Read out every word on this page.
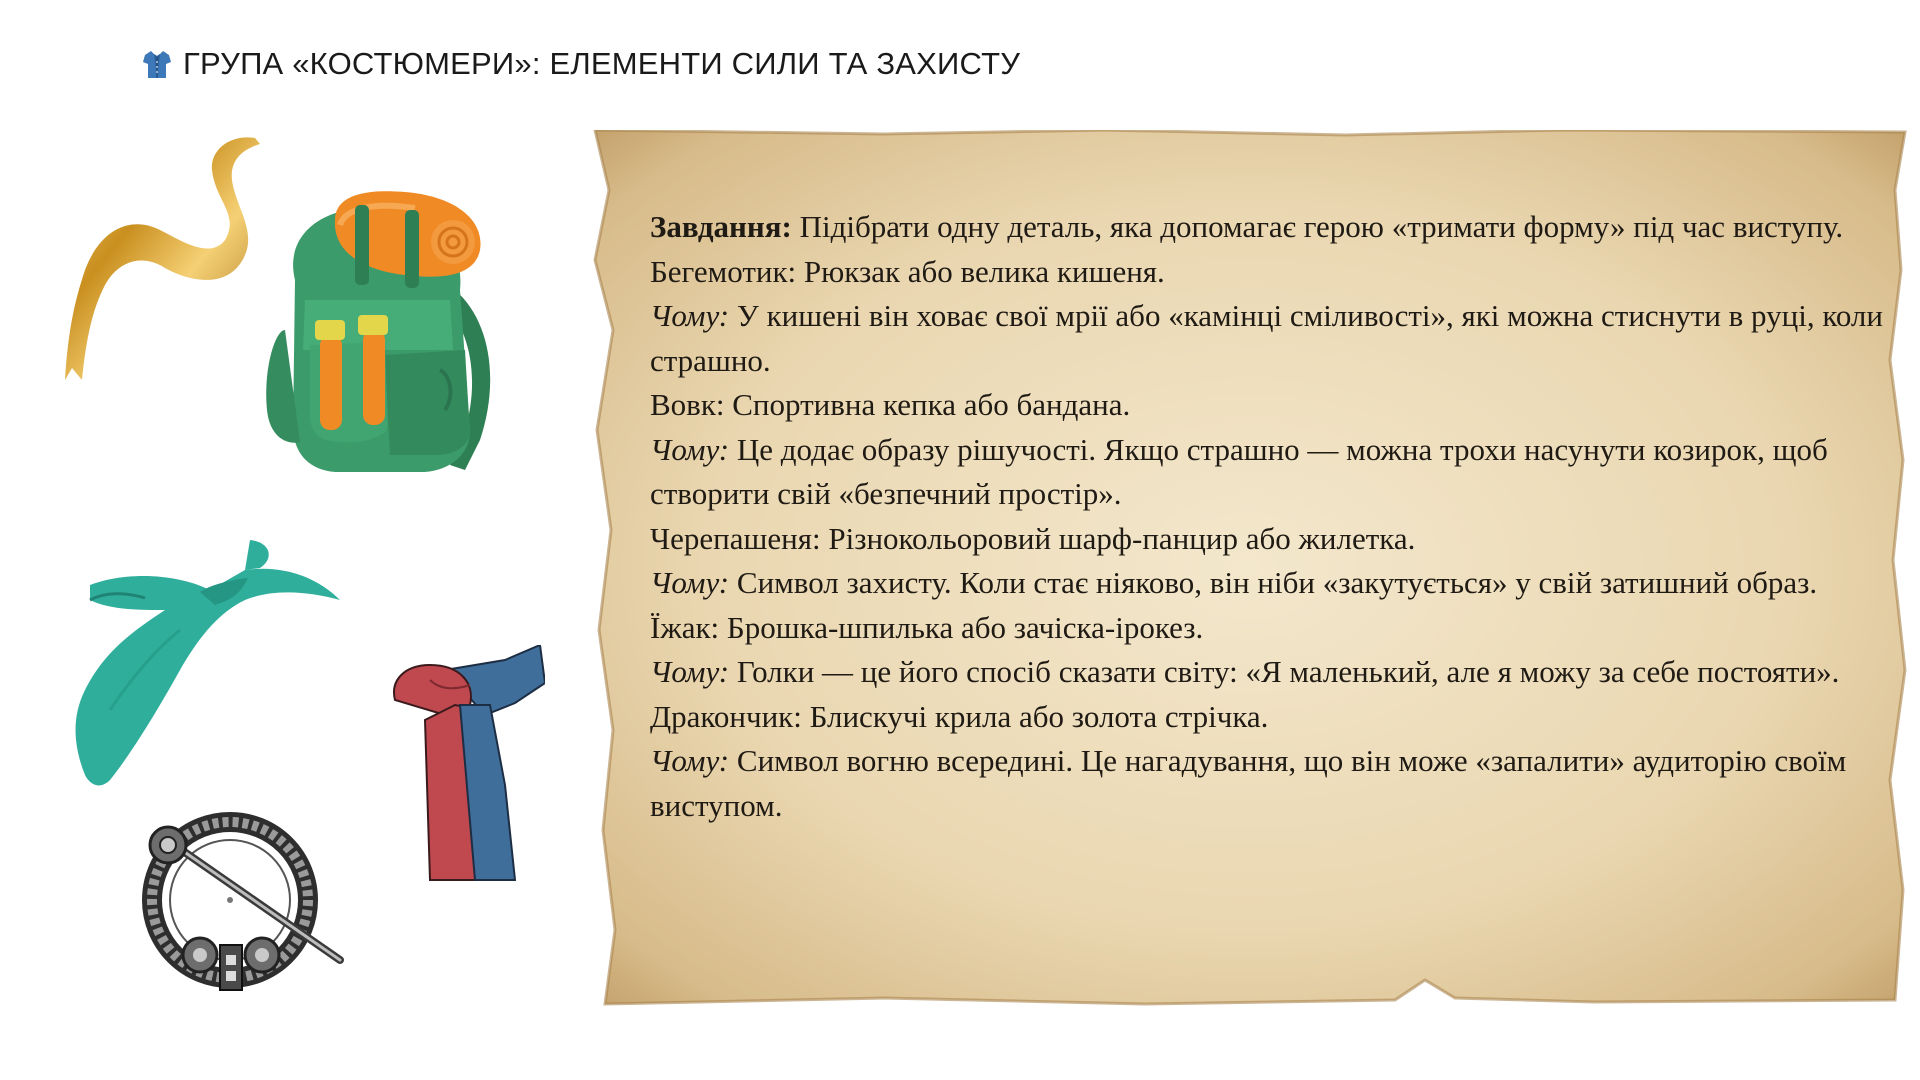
ГРУПА «КОСТЮМЕРИ»: ЕЛЕМЕНТИ СИЛИ ТА ЗАХИСТУ

Завдання: Підібрати одну деталь, яка допомагає герою «тримати форму» під час виступу.

Бегемотик: Рюкзак або велика кишеня.

Чому: У кишені він ховає свої мрії або «камінці сміливості», які можна стиснути в руці, коли страшно.

Вовк: Спортивна кепка або бандана.

Чому: Це додає образу рішучості. Якщо страшно — можна трохи насунути козирок, щоб створити свій «безпечний простір».

Черепашеня: Різнокольоровий шарф-панцир або жилетка.

Чому: Символ захисту. Коли стає ніяково, він ніби «закутується» у свій затишний образ.

Їжак: Брошка-шпилька або зачіска-ірокез.

Чому: Голки — це його спосіб сказати світу: «Я маленький, але я можу за себе постояти».

Дракончик: Блискучі крила або золота стрічка.

Чому: Символ вогню всередині. Це нагадування, що він може «запалити» аудиторію своїм виступом.
